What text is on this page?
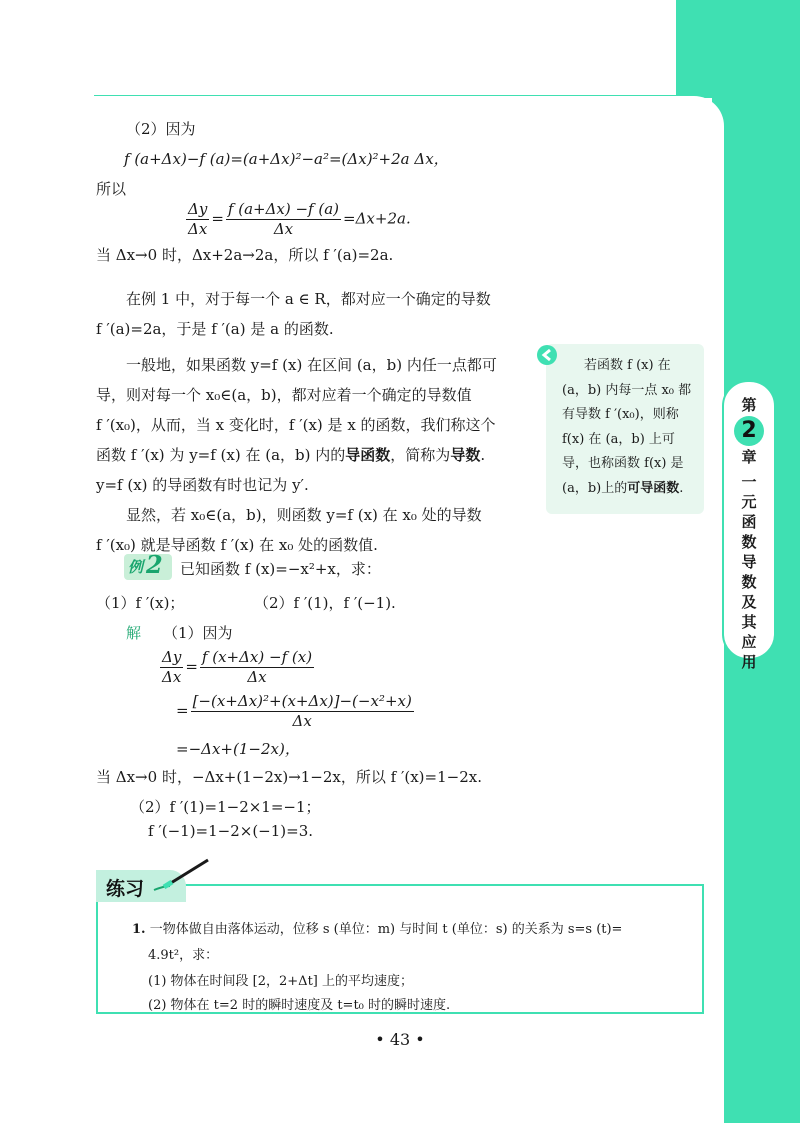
第
2
章
一元函数导数及其应用
（2）因为
f (a+Δx)−f (a)=(a+Δx)²−a²=(Δx)²+2a Δx，
所以
$\frac{\Delta y}{\Delta x} = \frac{f (a+\Delta x) -f (a)}{\Delta x} =\Delta x+2a$.
当 Δx→0 时，Δx+2a→2a，所以 f ′(a)=2a.
在例 1 中，对于每一个 a ∈ R，都对应一个确定的导数
f ′(a)=2a，于是 f ′(a) 是 a 的函数.
一般地，如果函数 y=f (x) 在区间 (a，b) 内任一点都可
导，则对每一个 x₀∈(a，b)，都对应着一个确定的导数值
f ′(x₀)，从而，当 x 变化时，f ′(x) 是 x 的函数，我们称这个
函数 f ′(x) 为 y=f (x) 在 (a，b) 内的导函数，简称为导数.
y=f (x) 的导函数有时也记为 y′.
显然，若 x₀∈(a，b)，则函数 y=f (x) 在 x₀ 处的导数
f ′(x₀) 就是导函数 f ′(x) 在 x₀ 处的函数值.
若函数 f (x) 在
(a，b) 内每一点 x₀ 都
有导数 f ′(x₀)，则称
f(x) 在 (a，b) 上可
导，也称函数 f(x) 是
(a，b)上的可导函数.
例 2 已知函数 f (x)=−x²+x，求：
（1）f ′(x)；	（2）f ′(1)，f ′(−1).
解 （1）因为
$\frac{\Delta y}{\Delta x} = \frac{f (x+\Delta x) -f (x)}{\Delta x}$
= $\frac{\text{[−(x+Δx)²+(x+Δx)]−(−x²+x)}}{\Delta x}$
=−Δx+(1−2x)，
当 Δx→0 时，−Δx+(1−2x)→1−2x，所以 f ′(x)=1−2x.
（2）f ′(1)=1−2×1=−1；
f ′(−1)=1−2×(−1)=3.
练习
1. 一物体做自由落体运动，位移 s (单位：m) 与时间 t (单位：s) 的关系为 s=s (t)=
4.9t²，求：
(1) 物体在时间段 [2，2+Δt] 上的平均速度；
(2) 物体在 t=2 时的瞬时速度及 t=t₀ 时的瞬时速度.
• 43 •
